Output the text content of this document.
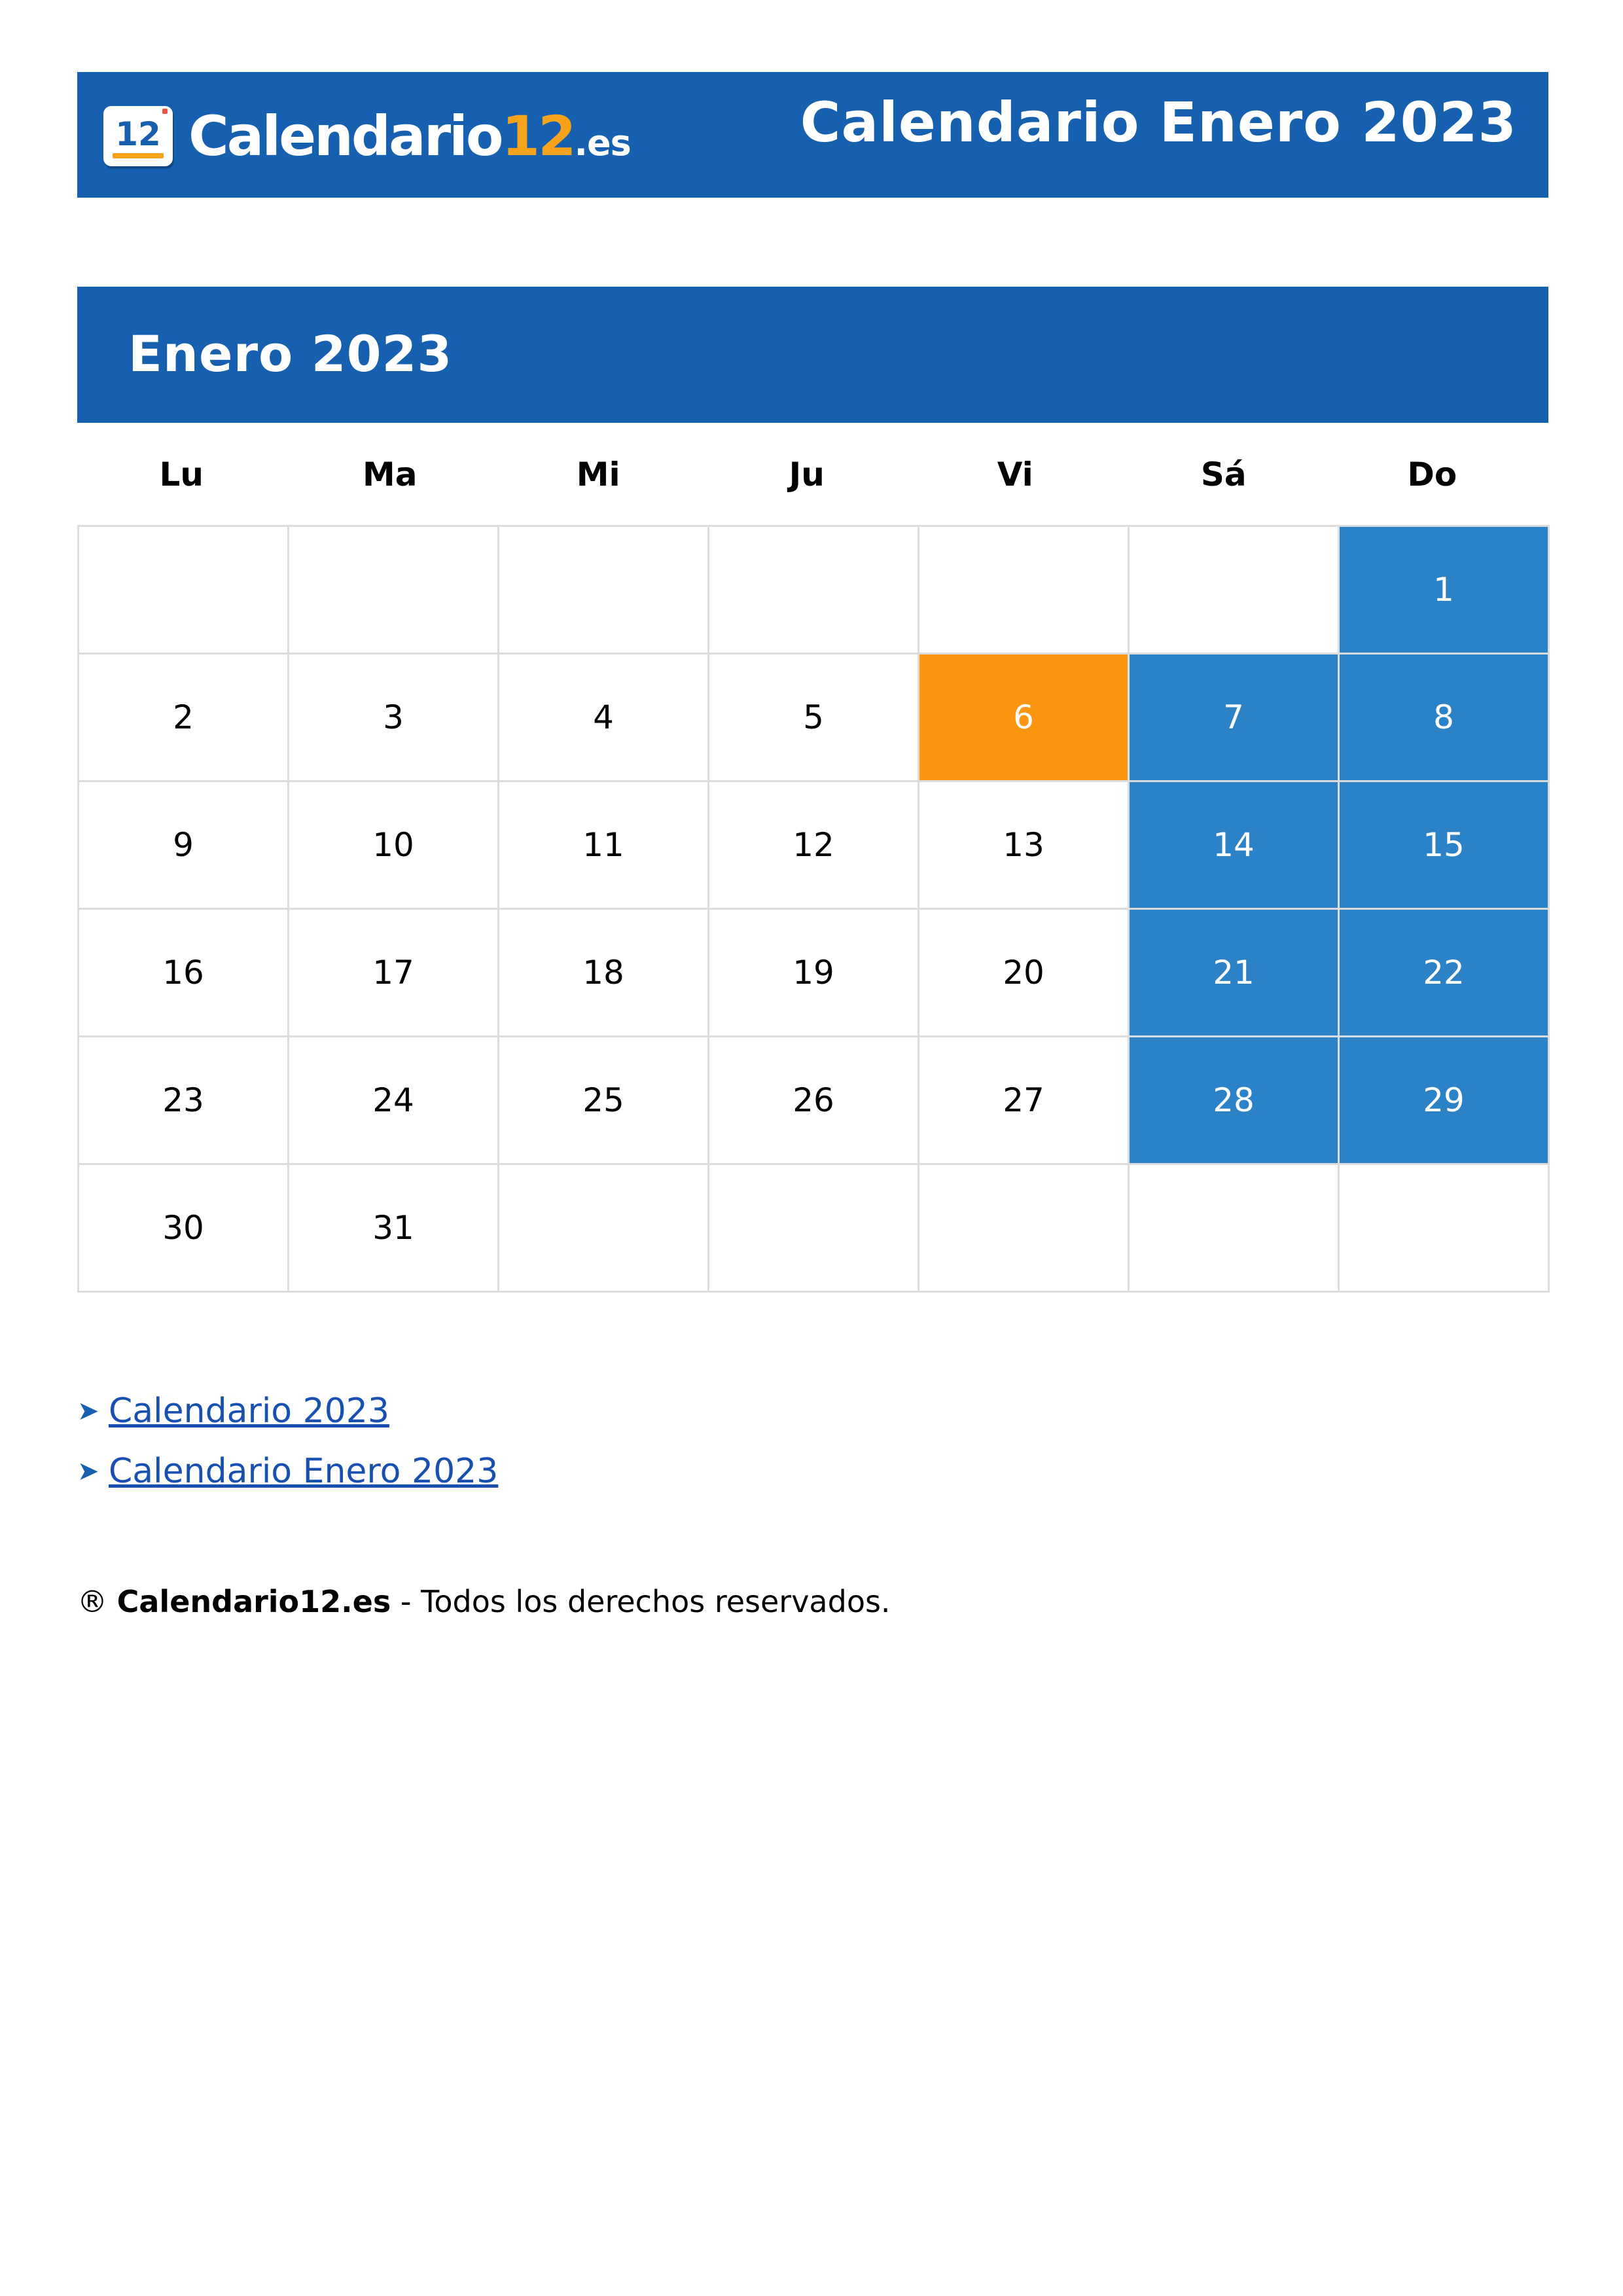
12 Calendario12.es	Calendario Enero 2023
Enero 2023
Lu	Ma	Mi	Ju	Vi	Sá	Do
						1
2	3	4	5	6	7	8
9	10	11	12	13	14	15
16	17	18	19	20	21	22
23	24	25	26	27	28	29
30	31					
➤ Calendario 2023
➤ Calendario Enero 2023
® Calendario12.es - Todos los derechos reservados.
